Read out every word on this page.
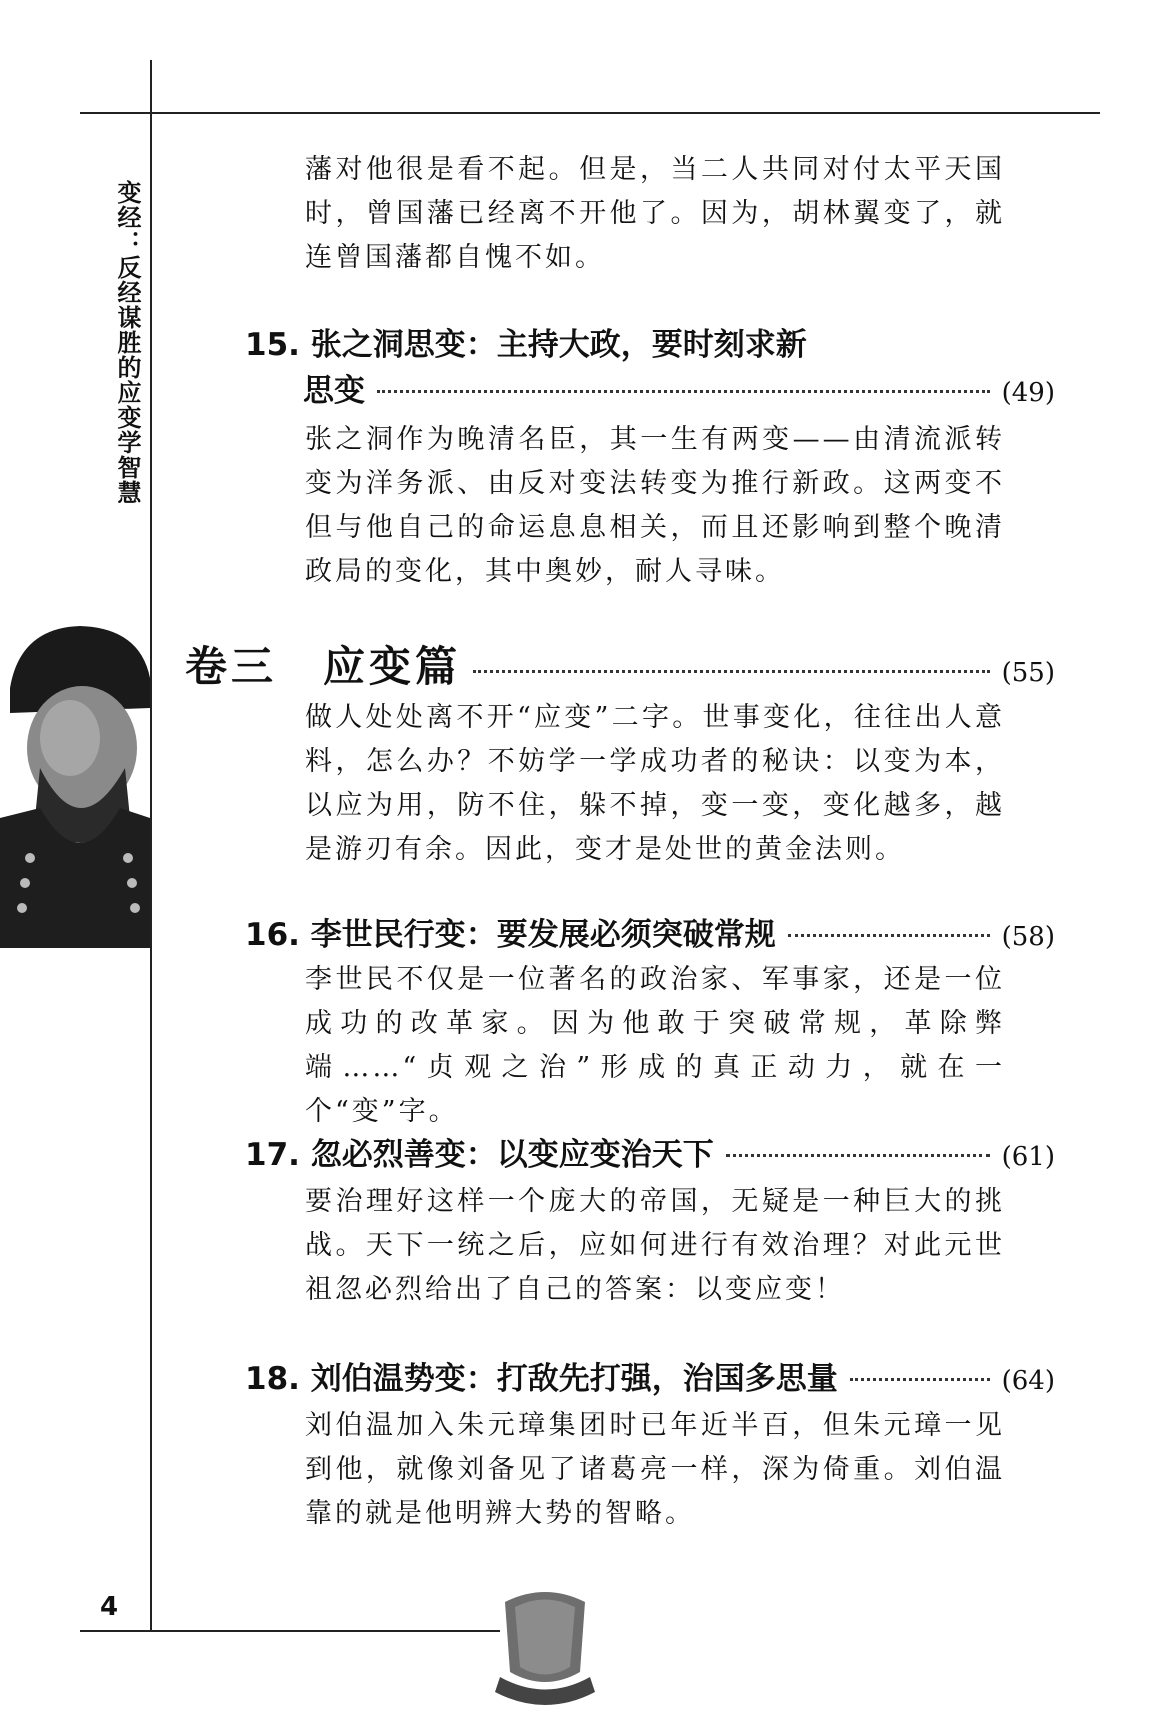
变经：反经谋胜的应变学智慧
4
藩对他很是看不起。但是，当二人共同对付太平天国时，曾国藩已经离不开他了。因为，胡林翼变了，就连曾国藩都自愧不如。
15. 张之洞思变：主持大政，要时刻求新
思变	(49)
张之洞作为晚清名臣，其一生有两变——由清流派转变为洋务派、由反对变法转变为推行新政。这两变不但与他自己的命运息息相关，而且还影响到整个晚清政局的变化，其中奥妙，耐人寻味。
卷三　应变篇	(55)
做人处处离不开“应变”二字。世事变化，往往出人意料，怎么办？不妨学一学成功者的秘诀：以变为本，以应为用，防不住，躲不掉，变一变，变化越多，越是游刃有余。因此，变才是处世的黄金法则。
16. 李世民行变：要发展必须突破常规	(58)
李世民不仅是一位著名的政治家、军事家，还是一位成功的改革家。因为他敢于突破常规，革除弊端……“贞观之治”形成的真正动力，就在一个“变”字。
17. 忽必烈善变：以变应变治天下	(61)
要治理好这样一个庞大的帝国，无疑是一种巨大的挑战。天下一统之后，应如何进行有效治理？对此元世祖忽必烈给出了自己的答案：以变应变！
18. 刘伯温势变：打敌先打强，治国多思量	(64)
刘伯温加入朱元璋集团时已年近半百，但朱元璋一见到他，就像刘备见了诸葛亮一样，深为倚重。刘伯温靠的就是他明辨大势的智略。
